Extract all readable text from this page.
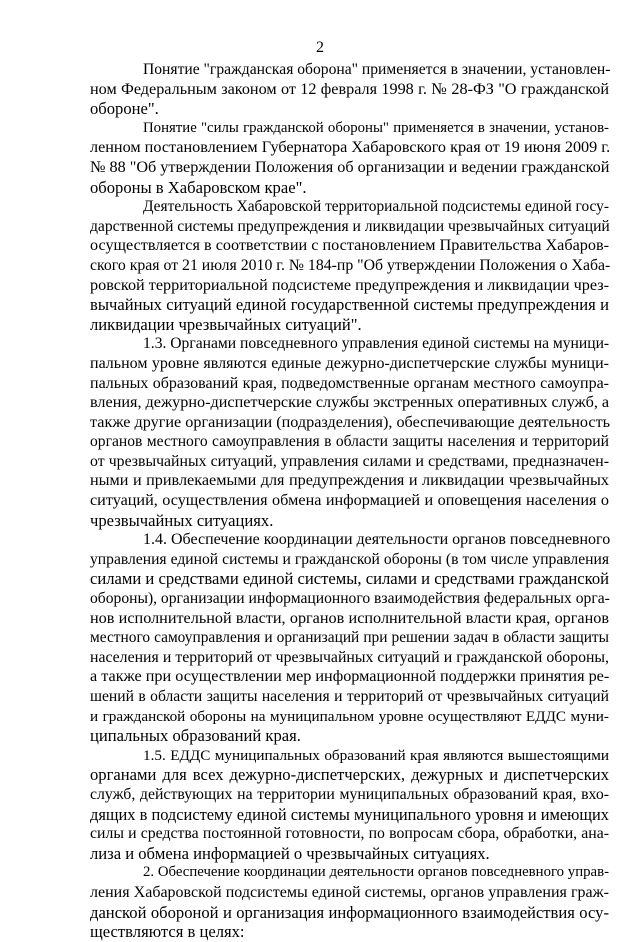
2
Понятие "гражданская оборона" применяется в значении, установлен-
ном Федеральным законом от 12 февраля 1998 г. № 28-ФЗ "О гражданской
обороне".
Понятие "силы гражданской обороны" применяется в значении, установ-
ленном постановлением Губернатора Хабаровского края от 19 июня 2009 г.
№ 88 "Об утверждении Положения об организации и ведении гражданской
обороны в Хабаровском крае".
Деятельность Хабаровской территориальной подсистемы единой госу-
дарственной системы предупреждения и ликвидации чрезвычайных ситуаций
осуществляется в соответствии с постановлением Правительства Хабаров-
ского края от 21 июля 2010 г. № 184-пр "Об утверждении Положения о Хаба-
ровской территориальной подсистеме предупреждения и ликвидации чрез-
вычайных ситуаций единой государственной системы предупреждения и
ликвидации чрезвычайных ситуаций".
1.3. Органами повседневного управления единой системы на муници-
пальном уровне являются единые дежурно-диспетчерские службы муници-
пальных образований края, подведомственные органам местного самоупра-
вления, дежурно-диспетчерские службы экстренных оперативных служб, а
также другие организации (подразделения), обеспечивающие деятельность
органов местного самоуправления в области защиты населения и территорий
от чрезвычайных ситуаций, управления силами и средствами, предназначен-
ными и привлекаемыми для предупреждения и ликвидации чрезвычайных
ситуаций, осуществления обмена информацией и оповещения населения о
чрезвычайных ситуациях.
1.4. Обеспечение координации деятельности органов повседневного
управления единой системы и гражданской обороны (в том числе управления
силами и средствами единой системы, силами и средствами гражданской
обороны), организации информационного взаимодействия федеральных орга-
нов исполнительной власти, органов исполнительной власти края, органов
местного самоуправления и организаций при решении задач в области защиты
населения и территорий от чрезвычайных ситуаций и гражданской обороны,
а также при осуществлении мер информационной поддержки принятия ре-
шений в области защиты населения и территорий от чрезвычайных ситуаций
и гражданской обороны на муниципальном уровне осуществляют ЕДДС муни-
ципальных образований края.
1.5. ЕДДС муниципальных образований края являются вышестоящими
органами для всех дежурно-диспетчерских, дежурных и диспетчерских
служб, действующих на территории муниципальных образований края, вхо-
дящих в подсистему единой системы муниципального уровня и имеющих
силы и средства постоянной готовности, по вопросам сбора, обработки, ана-
лиза и обмена информацией о чрезвычайных ситуациях.
2. Обеспечение координации деятельности органов повседневного управ-
ления Хабаровской подсистемы единой системы, органов управления граж-
данской обороной и организация информационного взаимодействия осу-
ществляются в целях:
